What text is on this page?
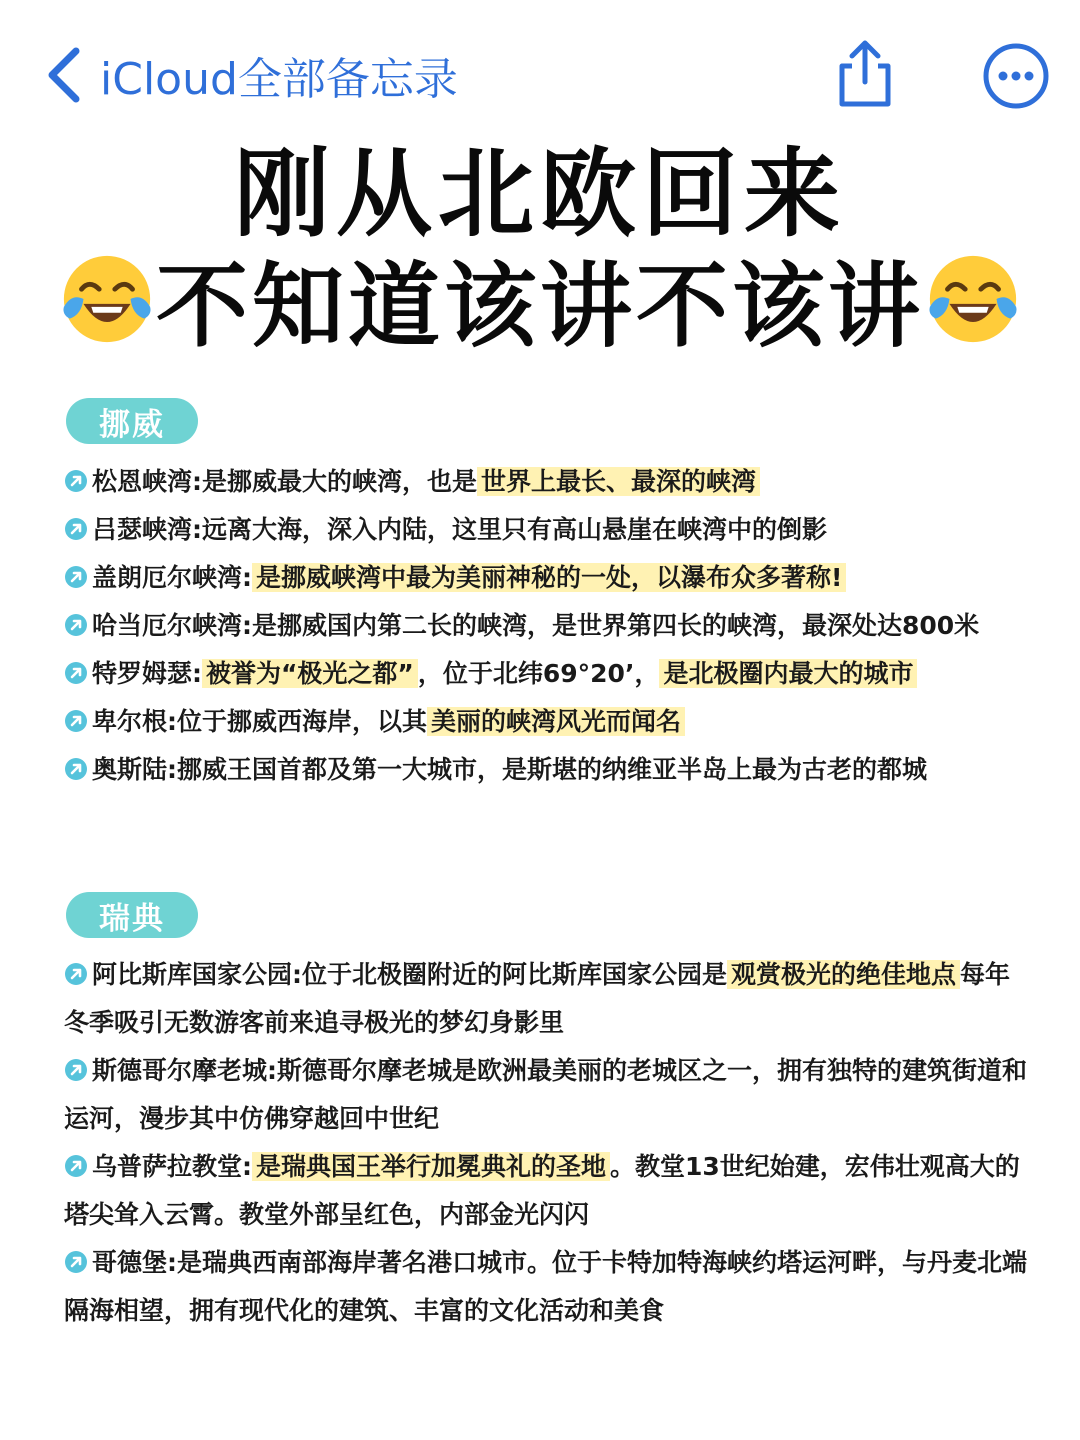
iCloud全部备忘录
刚从北欧回来
不知道该讲不该讲
挪威
松恩峡湾:是挪威最大的峡湾，也是 世界上最长、最深的峡湾
吕瑟峡湾:远离大海，深入内陆，这里只有高山悬崖在峡湾中的倒影
盖朗厄尔峡湾: 是挪威峡湾中最为美丽神秘的一处，以瀑布众多著称!
哈当厄尔峡湾:是挪威国内第二长的峡湾，是世界第四长的峡湾，最深处达800米
特罗姆瑟: 被誉为“极光之都” ，位于北纬69°20’， 是北极圈内最大的城市
卑尔根:位于挪威西海岸，以其 美丽的峡湾风光而闻名
奥斯陆:挪威王国首都及第一大城市，是斯堪的纳维亚半岛上最为古老的都城
瑞典
阿比斯库国家公园:位于北极圈附近的阿比斯库国家公园是 观赏极光的绝佳地点 每年冬季吸引无数游客前来追寻极光的梦幻身影里
斯德哥尔摩老城:斯德哥尔摩老城是欧洲最美丽的老城区之一，拥有独特的建筑街道和运河，漫步其中仿佛穿越回中世纪
乌普萨拉教堂: 是瑞典国王举行加冕典礼的圣地 。教堂13世纪始建，宏伟壮观高大的塔尖耸入云霄。教堂外部呈红色，内部金光闪闪
哥德堡:是瑞典西南部海岸著名港口城市。位于卡特加特海峡约塔运河畔，与丹麦北端隔海相望，拥有现代化的建筑、丰富的文化活动和美食
